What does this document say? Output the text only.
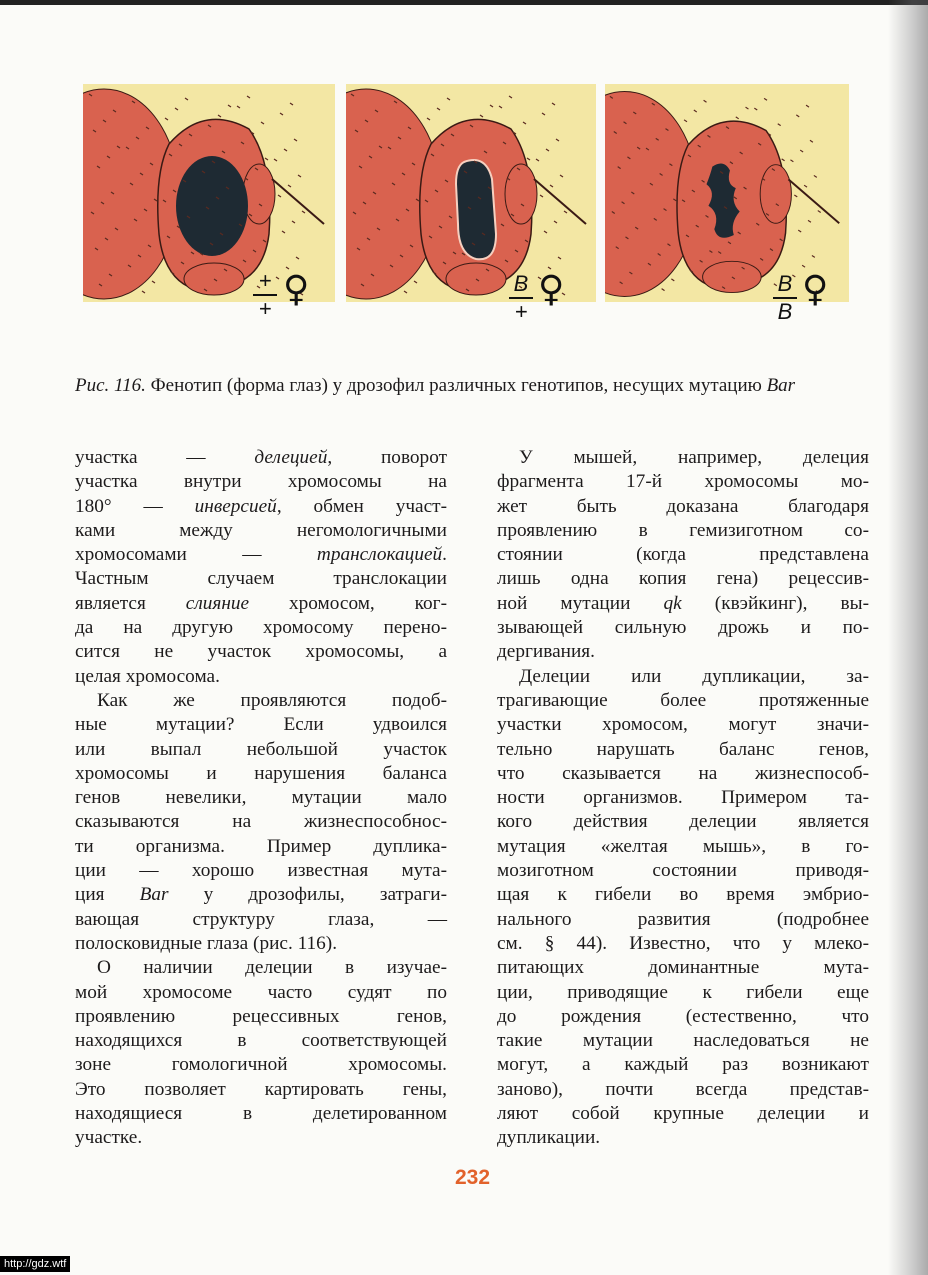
+
+ ♀	B
+
♀	B
B
♀
Рис. 116. Фенотип (форма глаз) у дрозофил различных генотипов, несущих мутацию Bar
участка — делецией, поворот
участка внутри хромосомы на
180° — инверсией, обмен участ-
ками между негомологичными
хромосомами — транслокацией.
Частным случаем транслокации
является слияние хромосом, ког-
да на другую хромосому перено-
сится не участок хромосомы, а
целая хромосома.
Как же проявляются подоб-
ные мутации? Если удвоился
или выпал небольшой участок
хромосомы и нарушения баланса
генов невелики, мутации мало
сказываются на жизнеспособнос-
ти организма. Пример дуплика-
ции — хорошо известная мута-
ция Bar у дрозофилы, затраги-
вающая структуру глаза, —
полосковидные глаза (рис. 116).
О наличии делеции в изучае-
мой хромосоме часто судят по
проявлению рецессивных генов,
находящихся в соответствующей
зоне гомологичной хромосомы.
Это позволяет картировать гены,
находящиеся в делетированном
участке.
У мышей, например, делеция
фрагмента 17-й хромосомы мо-
жет быть доказана благодаря
проявлению в гемизиготном со-
стоянии (когда представлена
лишь одна копия гена) рецессив-
ной мутации qk (квэйкинг), вы-
зывающей сильную дрожь и по-
дергивания.
Делеции или дупликации, за-
трагивающие более протяженные
участки хромосом, могут значи-
тельно нарушать баланс генов,
что сказывается на жизнеспособ-
ности организмов. Примером та-
кого действия делеции является
мутация «желтая мышь», в го-
мозиготном состоянии приводя-
щая к гибели во время эмбрио-
нального развития (подробнее
см. § 44). Известно, что у млеко-
питающих доминантные мута-
ции, приводящие к гибели еще
до рождения (естественно, что
такие мутации наследоваться не
могут, а каждый раз возникают
заново), почти всегда представ-
ляют собой крупные делеции и
дупликации.
232
http://gdz.wtf
